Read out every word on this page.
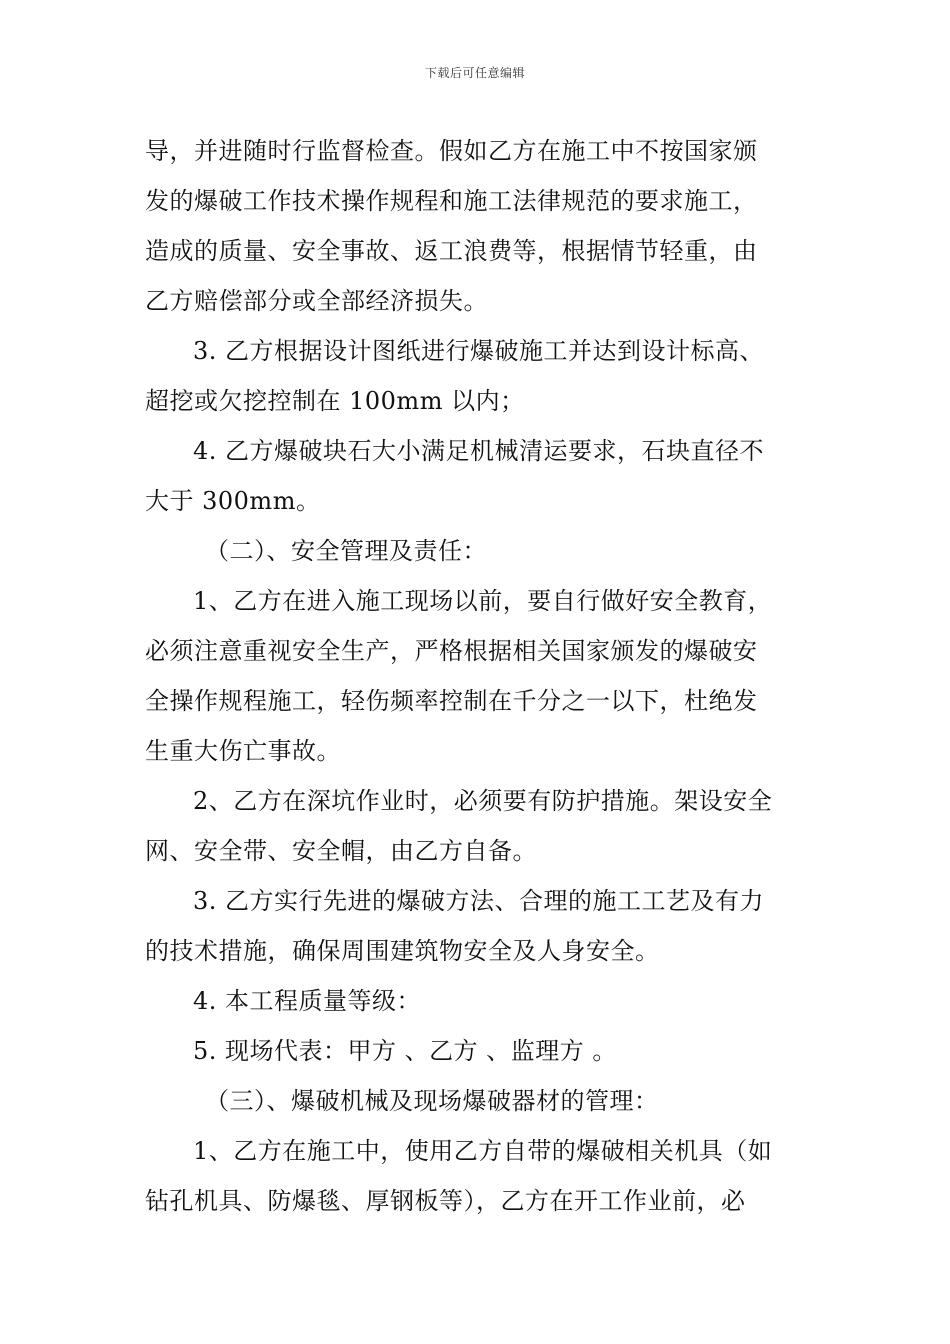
下载后可任意编辑
导，并进随时行监督检查。假如乙方在施工中不按国家颁
发的爆破工作技术操作规程和施工法律规范的要求施工，
造成的质量、安全事故、返工浪费等，根据情节轻重，由
乙方赔偿部分或全部经济损失。
3. 乙方根据设计图纸进行爆破施工并达到设计标高、
超挖或欠挖控制在 100mm 以内；
4. 乙方爆破块石大小满足机械清运要求，石块直径不
大于 300mm。
（二）、安全管理及责任：
1、乙方在进入施工现场以前，要自行做好安全教育，
必须注意重视安全生产，严格根据相关国家颁发的爆破安
全操作规程施工，轻伤频率控制在千分之一以下，杜绝发
生重大伤亡事故。
2、乙方在深坑作业时，必须要有防护措施。架设安全
网、安全带、安全帽，由乙方自备。
3. 乙方实行先进的爆破方法、合理的施工工艺及有力
的技术措施，确保周围建筑物安全及人身安全。
4. 本工程质量等级：
5. 现场代表：甲方 、乙方 、监理方 。
（三）、爆破机械及现场爆破器材的管理：
1、乙方在施工中，使用乙方自带的爆破相关机具（如
钻孔机具、防爆毯、厚钢板等），乙方在开工作业前，必
